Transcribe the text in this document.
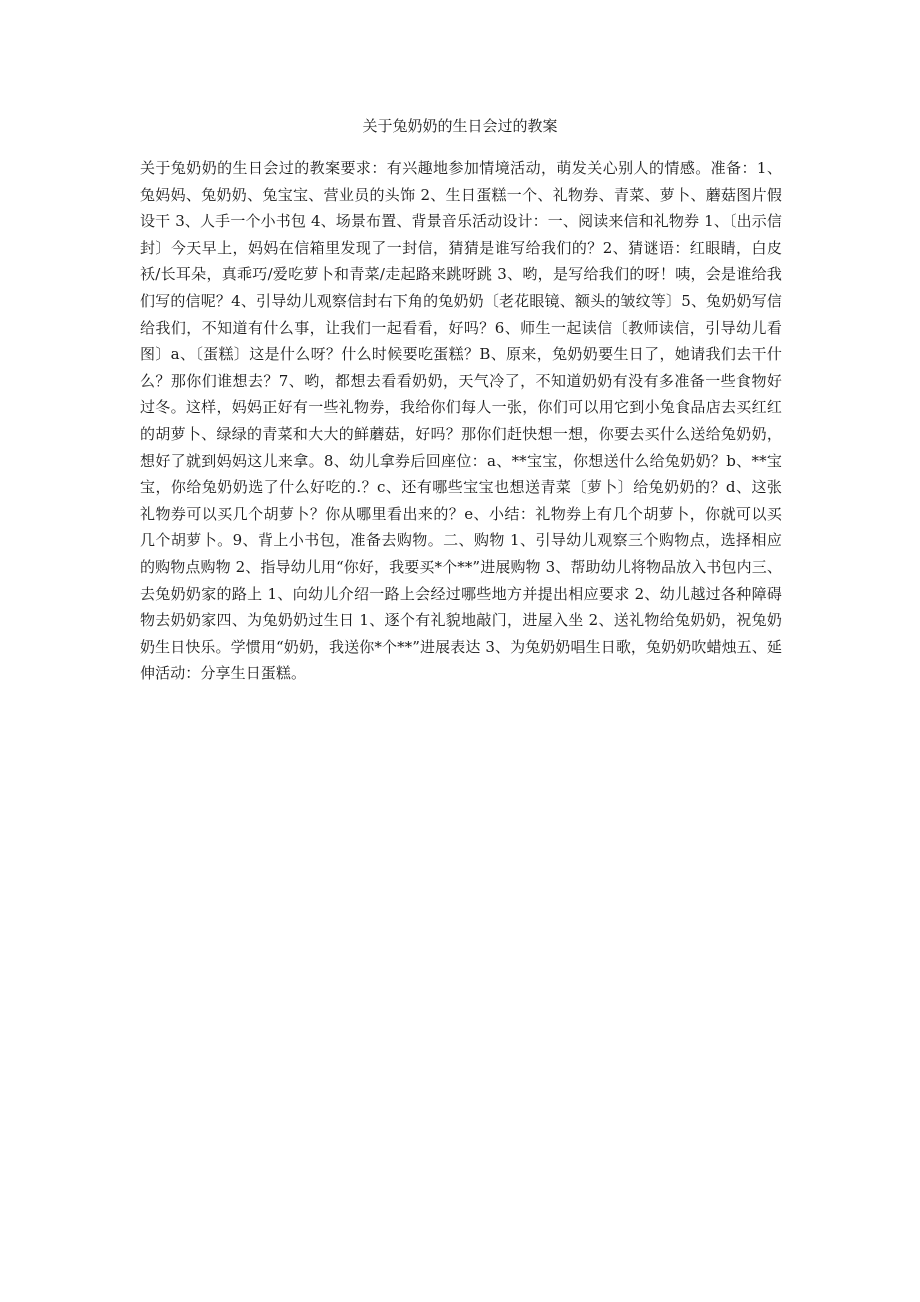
关于兔奶奶的生日会过的教案

关于兔奶奶的生日会过的教案要求：有兴趣地参加情境活动，萌发关心别人的情感。准备：1、兔妈妈、兔奶奶、兔宝宝、营业员的头饰 2、生日蛋糕一个、礼物券、青菜、萝卜、蘑菇图片假设干 3、人手一个小书包 4、场景布置、背景音乐活动设计：一、阅读来信和礼物券 1、〔出示信封〕今天早上，妈妈在信箱里发现了一封信，猜猜是谁写给我们的？2、猜谜语：红眼睛，白皮袄/长耳朵，真乖巧/爱吃萝卜和青菜/走起路来跳呀跳 3、哟，是写给我们的呀！咦，会是谁给我们写的信呢？4、引导幼儿观察信封右下角的兔奶奶〔老花眼镜、额头的皱纹等〕5、兔奶奶写信给我们，不知道有什么事，让我们一起看看，好吗？6、师生一起读信〔教师读信，引导幼儿看图〕a、〔蛋糕〕这是什么呀？什么时候要吃蛋糕？B、原来，兔奶奶要生日了，她请我们去干什么？那你们谁想去？7、哟，都想去看看奶奶，天气冷了，不知道奶奶有没有多准备一些食物好过冬。这样，妈妈正好有一些礼物券，我给你们每人一张，你们可以用它到小兔食品店去买红红的胡萝卜、绿绿的青菜和大大的鲜蘑菇，好吗？那你们赶快想一想，你要去买什么送给兔奶奶，想好了就到妈妈这儿来拿。8、幼儿拿券后回座位：a、**宝宝，你想送什么给兔奶奶？b、**宝宝，你给兔奶奶选了什么好吃的.？c、还有哪些宝宝也想送青菜〔萝卜〕给兔奶奶的？d、这张礼物券可以买几个胡萝卜？你从哪里看出来的？e、小结：礼物券上有几个胡萝卜，你就可以买几个胡萝卜。9、背上小书包，准备去购物。二、购物 1、引导幼儿观察三个购物点，选择相应的购物点购物 2、指导幼儿用“你好，我要买*个**”进展购物 3、帮助幼儿将物品放入书包内三、去兔奶奶家的路上 1、向幼儿介绍一路上会经过哪些地方并提出相应要求 2、幼儿越过各种障碍物去奶奶家四、为兔奶奶过生日 1、逐个有礼貌地敲门，进屋入坐 2、送礼物给兔奶奶，祝兔奶奶生日快乐。学惯用“奶奶，我送你*个**”进展表达 3、为兔奶奶唱生日歌，兔奶奶吹蜡烛五、延伸活动：分享生日蛋糕。
